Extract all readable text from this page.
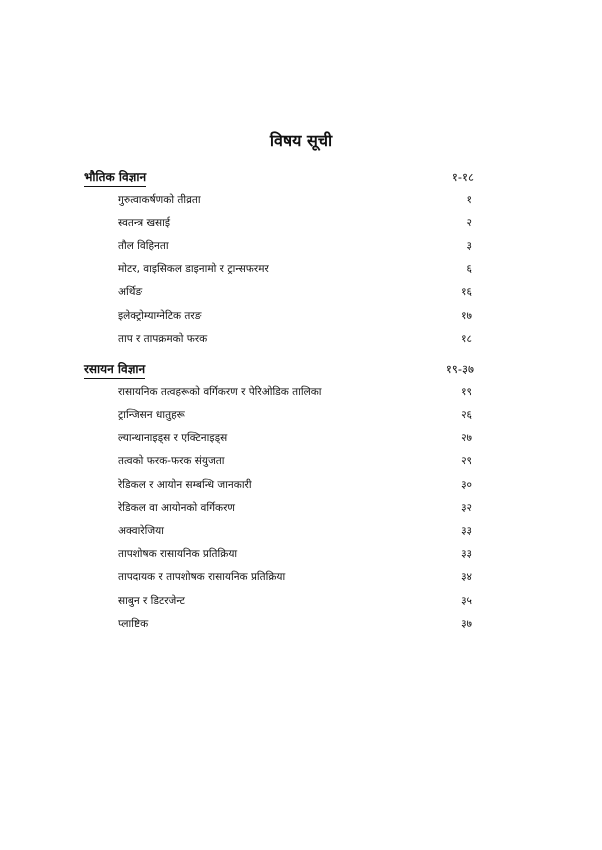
विषय सूची
भौतिक विज्ञान	१-१८
गुरुत्वाकर्षणको तीव्रता	१
स्वतन्त्र खसाई	२
तौल विहिनता	३
मोटर, वाइसिकल डाइनामो र ट्रान्सफरमर	६
अर्थिङ	१६
इलेक्ट्रोम्याग्नेटिक तरङ	१७
ताप र तापक्रमको फरक	१८
रसायन विज्ञान	१९-३७
रासायनिक तत्वहरूको वर्गिकरण र पेरिओडिक तालिका	१९
ट्रान्जिसन धातुहरू	२६
ल्यान्थानाइड्स र एक्टिनाइड्स	२७
तत्वको फरक-फरक संयुजता	२९
रेडिकल र आयोन सम्बन्धि जानकारी	३०
रेडिकल वा आयोनको वर्गिकरण	३२
अक्वारेजिया	३३
तापशोषक रासायनिक प्रतिक्रिया	३३
तापदायक र तापशोषक रासायनिक प्रतिक्रिया	३४
साबुन र डिटरजेन्ट	३५
प्लाष्टिक	३७
